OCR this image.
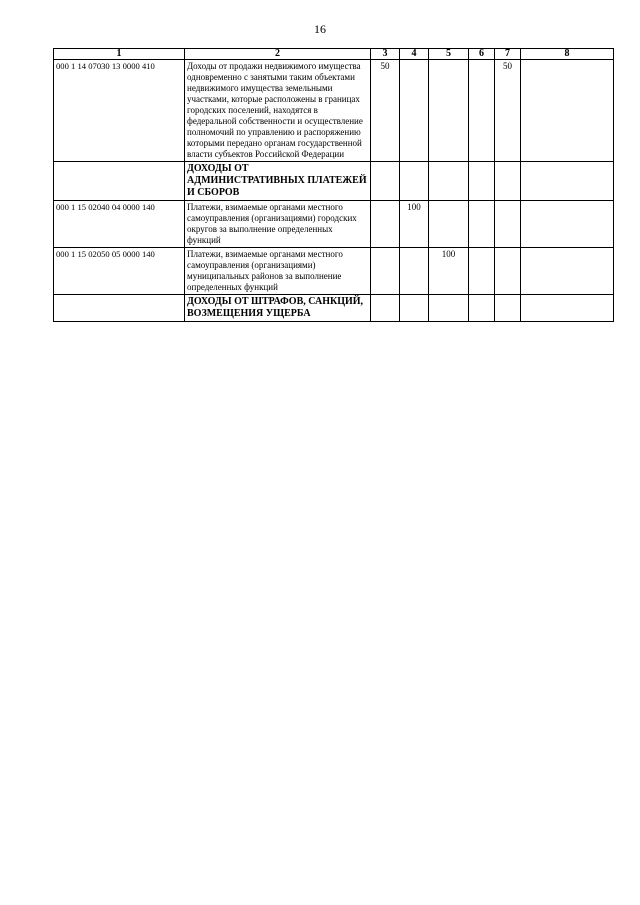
16
1	2	3	4	5	6	7	8
000 1 14 07030 13 0000 410	Доходы от продажи недвижимого имущества одновременно с занятыми таким объектами недвижимого имущества земельными участками, которые расположены в границах городских поселений, находятся в федеральной собственности и осуществление полномочий по управлению и распоряжению которыми передано органам государственной власти субъектов Российской Федерации	50				50	
	ДОХОДЫ ОТ АДМИНИСТРАТИВНЫХ ПЛАТЕЖЕЙ И СБОРОВ						
000 1 15 02040 04 0000 140	Платежи, взимаемые органами местного самоуправления (организациями) городских округов за выполнение определенных функций		100				
000 1 15 02050 05 0000 140	Платежи, взимаемые органами местного самоуправления (организациями) муниципальных районов за выполнение определенных функций			100			
	ДОХОДЫ ОТ ШТРАФОВ, САНКЦИЙ, ВОЗМЕЩЕНИЯ УЩЕРБА						
